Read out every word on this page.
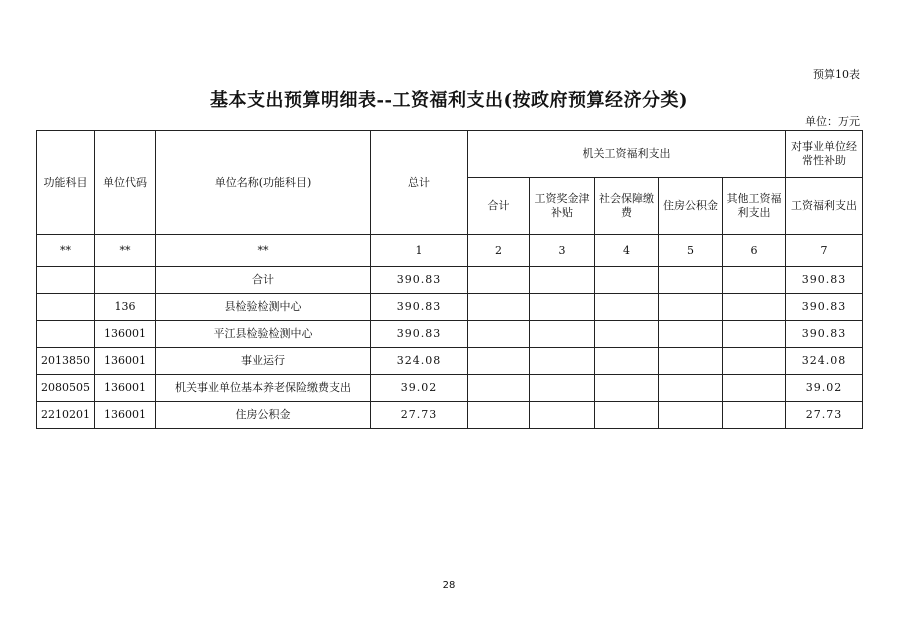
预算10表
基本支出预算明细表--工资福利支出(按政府预算经济分类)
单位：万元
功能科目	单位代码	单位名称(功能科目)	总计	机关工资福利支出					对事业单位经常性补助
				合计	工资奖金津补贴	社会保障缴费	住房公积金	其他工资福利支出	工资福利支出
**	**	**	1	2	3	4	5	6	7
		合计	390.83						390.83
	136	县检验检测中心	390.83						390.83
	136001	平江县检验检测中心	390.83						390.83
2013850	136001	事业运行	324.08						324.08
2080505	136001	机关事业单位基本养老保险缴费支出	39.02						39.02
2210201	136001	住房公积金	27.73						27.73
28
